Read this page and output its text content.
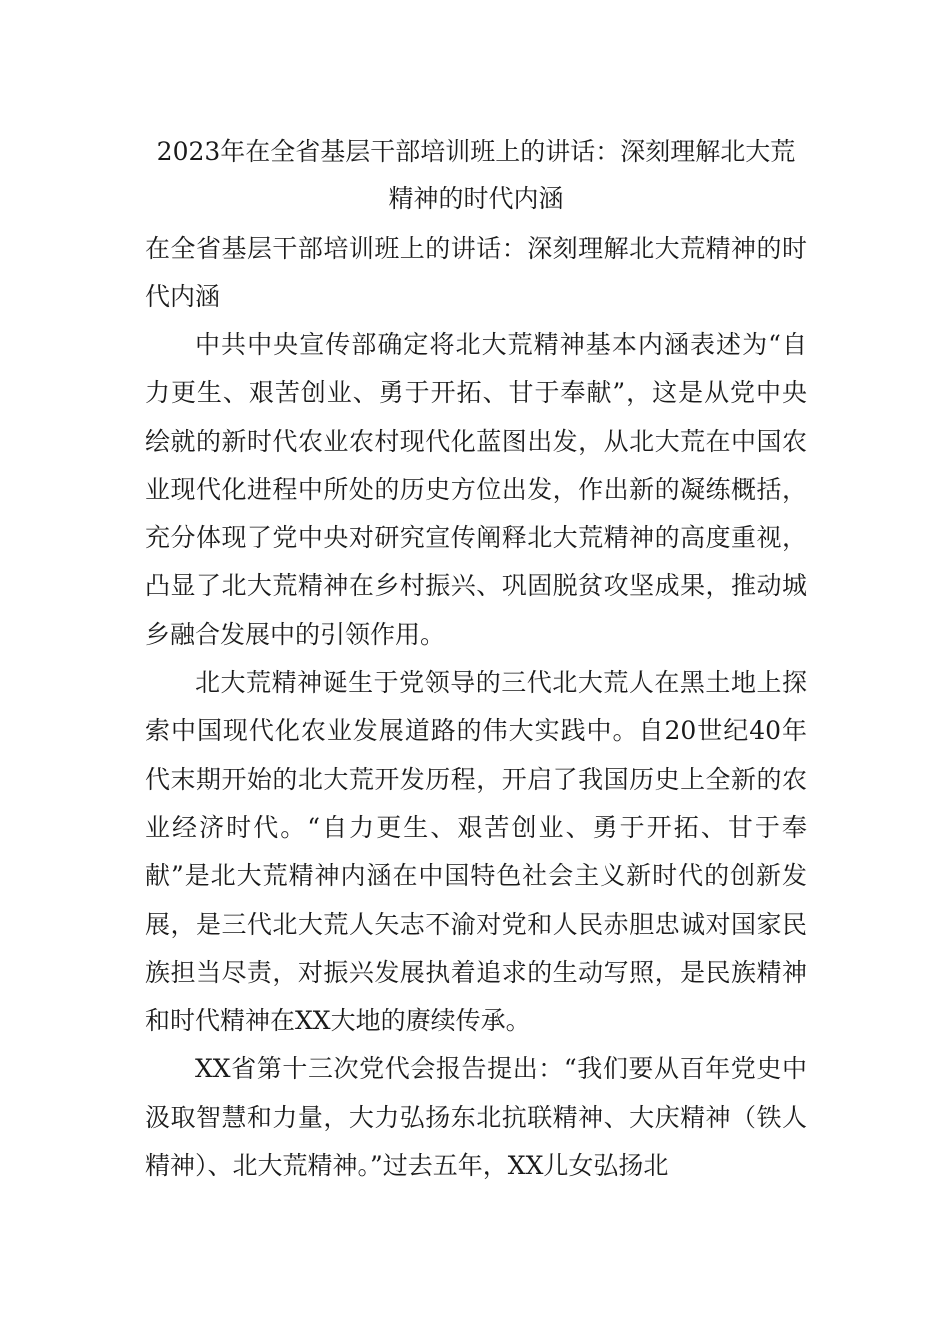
2023年在全省基层干部培训班上的讲话：深刻理解北大荒精神的时代内涵

在全省基层干部培训班上的讲话：深刻理解北大荒精神的时代内涵

中共中央宣传部确定将北大荒精神基本内涵表述为“自力更生、艰苦创业、勇于开拓、甘于奉献”，这是从党中央绘就的新时代农业农村现代化蓝图出发，从北大荒在中国农业现代化进程中所处的历史方位出发，作出新的凝练概括，充分体现了党中央对研究宣传阐释北大荒精神的高度重视，凸显了北大荒精神在乡村振兴、巩固脱贫攻坚成果，推动城乡融合发展中的引领作用。

北大荒精神诞生于党领导的三代北大荒人在黑土地上探索中国现代化农业发展道路的伟大实践中。自20世纪40年代末期开始的北大荒开发历程，开启了我国历史上全新的农业经济时代。“自力更生、艰苦创业、勇于开拓、甘于奉献”是北大荒精神内涵在中国特色社会主义新时代的创新发展，是三代北大荒人矢志不渝对党和人民赤胆忠诚对国家民族担当尽责，对振兴发展执着追求的生动写照，是民族精神和时代精神在XX大地的赓续传承。

XX省第十三次党代会报告提出：“我们要从百年党史中汲取智慧和力量，大力弘扬东北抗联精神、大庆精神（铁人精神）、北大荒精神。”过去五年，XX儿女弘扬北
